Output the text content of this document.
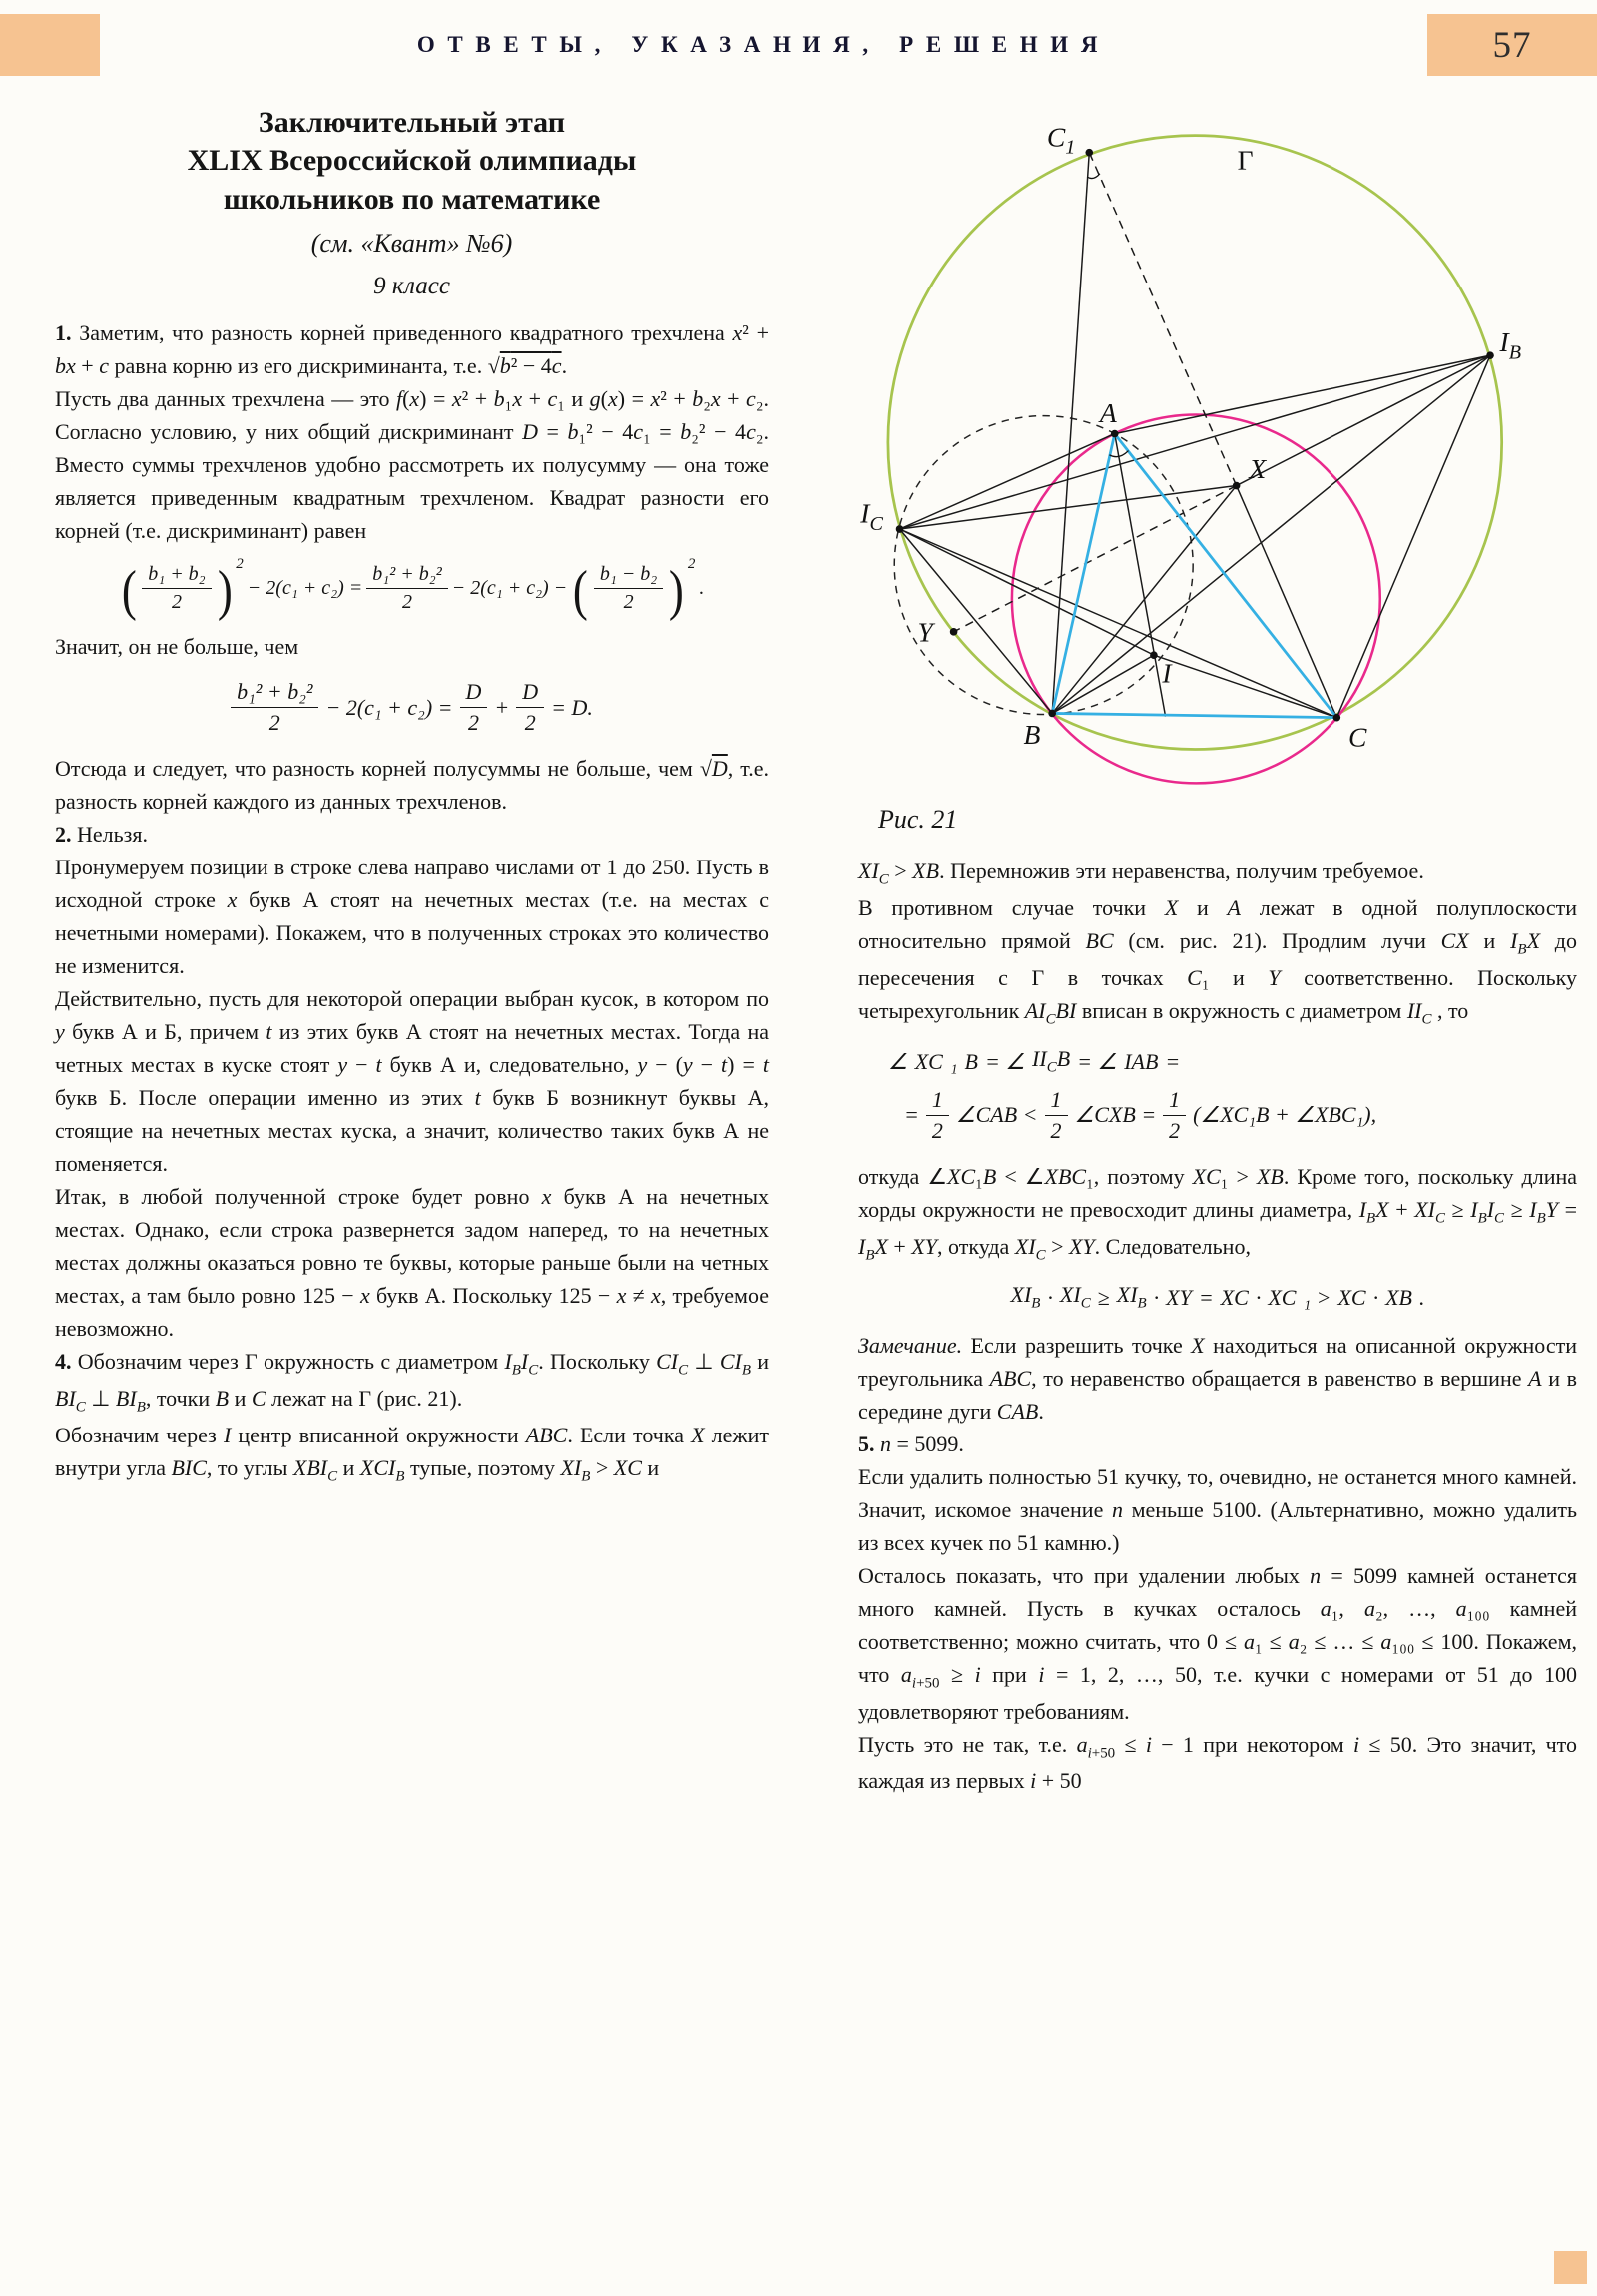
ОТВЕТЫ, УКАЗАНИЯ, РЕШЕНИЯ	57
Заключительный этап
XLIX Всероссийской олимпиады
школьников по математике
(см. «Квант» №6)
9 класс

1. Заметим, что разность корней приведенного квадратного трехчлена x² + bx + c равна корню из его дискриминанта, т.е. √b² − 4c.

Пусть два данных трехчлена — это f(x) = x² + b₁x + c₁ и g(x) = x² + b₂x + c₂. Согласно условию, у них общий дискриминант D = b₁² − 4c₁ = b₂² − 4c₂. Вместо суммы трехчленов удобно рассмотреть их полусумму — она тоже является приведенным квадратным трехчленом. Квадрат разности его корней (т.е. дискриминант) равен

( $\frac{\text{b₁ + b₂}}{2}$ ) 2
− $2(c_1 + c_2) = \frac{\text{b₁² + b₂²}}{2} - 2(c_1 + c_2)$ − ( $\frac{\text{b₁ − b₂}}{2}$ ) 2
.

Значит, он не больше, чем

$\frac{\text{b₁² + b₂²}}{2} - 2(c_1 + c_2) = \frac{D}{2} + \frac{D}{2} = D$.

Отсюда и следует, что разность корней полусуммы не больше, чем √D, т.е. разность корней каждого из данных трехчленов.

2. Нельзя.

Пронумеруем позиции в строке слева направо числами от 1 до 250. Пусть в исходной строке x букв А стоят на нечетных местах (т.е. на местах с нечетными номерами). Покажем, что в полученных строках это количество не изменится.

Действительно, пусть для некоторой операции выбран кусок, в котором по y букв А и Б, причем t из этих букв А стоят на нечетных местах. Тогда на четных местах в куске стоят y − t букв А и, следовательно, y − (y − t) = t букв Б. После операции именно из этих t букв Б возникнут буквы А, стоящие на нечетных местах куска, а значит, количество таких букв А не поменяется.

Итак, в любой полученной строке будет ровно x букв А на нечетных местах. Однако, если строка развернется задом наперед, то на нечетных местах должны оказаться ровно те буквы, которые раньше были на четных местах, а там было ровно 125 − x букв А. Поскольку 125 − x ≠ x, требуемое невозможно.

4. Обозначим через Γ окружность с диаметром $I_BI_C$. Поскольку $CI_C$ ⊥ $CI_B$ и $BI_C$ ⊥ $BI_B$, точки B и C лежат на Γ (рис. 21).

Обозначим через I центр вписанной окружности ABC. Если точка X лежит внутри угла BIC, то углы $XBI_C$ и $XCI_B$ тупые, поэтому $XI_B$ > XC и

$C_1$	Γ
$I_B$
A
X
$I_C$
Y
I
B	C
Рис. 21

$XI_C$ > XB. Перемножив эти неравенства, получим требуемое.

В противном случае точки X и A лежат в одной полуплоскости относительно прямой BC (см. рис. 21). Продлим лучи CX и $I_BX$ до пересечения с Γ в точках C₁ и Y соответственно. Поскольку четырехугольник $AI_CBI$ вписан в окружность с диаметром $II_C$ , то

∠ XC ₁ B = ∠ $II_CB$ = ∠ IAB =
= $\frac{1}{2}$ ∠CAB < $\frac{1}{2}$ ∠CXB = $\frac{1}{2}$ (∠XC₁B + ∠XBC₁),

откуда ∠XC₁B < ∠XBC₁, поэтому XC₁ > XB. Кроме того, поскольку длина хорды окружности не превосходит длины диаметра, $I_BX + XI_C \ge I_BI_C \ge I_BY = I_BX$ + XY, откуда $XI_C$ > XY. Следовательно,

$XI_B \cdot XI_C \ge XI_B$ · XY = XC · XC ₁ > XC · XB .

Замечание. Если разрешить точке X находиться на описанной окружности треугольника ABC, то неравенство обращается в равенство в вершине A и в середине дуги CAB.

5. n = 5099.

Если удалить полностью 51 кучку, то, очевидно, не останется много камней. Значит, искомое значение n меньше 5100. (Альтернативно, можно удалить из всех кучек по 51 камню.)

Осталось показать, что при удалении любых n = 5099 камней останется много камней. Пусть в кучках осталось a₁, a₂, …, a₁₀₀ камней соответственно; можно считать, что 0 ≤ a₁ ≤ a₂ ≤ … ≤ a₁₀₀ ≤ 100. Покажем, что $a_{i+50} \ge i$ при i = 1, 2, …, 50, т.е. кучки с номерами от 51 до 100 удовлетворяют требованиям.

Пусть это не так, т.е. $a_{i+50} \le i - 1$ при некотором i ≤ 50. Это значит, что каждая из первых i + 50
